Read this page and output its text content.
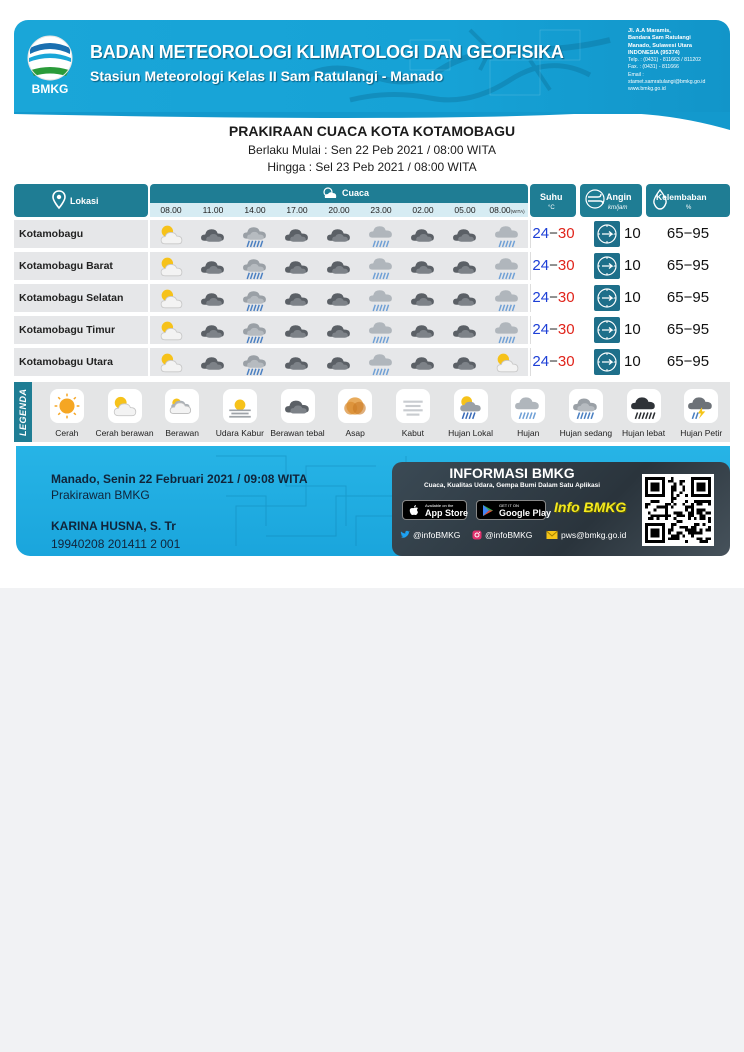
BMKG
BADAN METEOROLOGI KLIMATOLOGI DAN GEOFISIKA
Stasiun Meteorologi Kelas II Sam Ratulangi - Manado
Jl. A.A Maramis,
Bandara Sam Ratulangi
Manado, Sulawesi Utara
INDONESIA (95374)
Telp. : (0431) - 811663 / 811202
Fax. : (0431) - 811666
Email :
stamet.samratulangi@bmkg.go.id
www.bmkg.go.id
PRAKIRAAN CUACA KOTA KOTAMOBAGU
Berlaku Mulai : Sen 22 Peb 2021 / 08:00 WITA
Hingga : Sel 23 Peb 2021 / 08:00 WITA
Lokasi
Cuaca
08.00	11.00	14.00	17.00	20.00	23.00	02.00	05.00	08.00(WITA)
Suhu
°C
Angin
km/jam
Kelembaban
%
Kotamobagu	24−30	10	65−95
Kotamobagu Barat	24−30	10	65−95
Kotamobagu Selatan	24−30	10	65−95
Kotamobagu Timur	24−30	10	65−95
Kotamobagu Utara	24−30	10	65−95
LEGENDA	Cerah	Cerah berawan	Berawan	Udara Kabur Berawan tebal	Asap	Kabut	Hujan Lokal	Hujan	Hujan sedang	Hujan lebat	Hujan Petir
Manado, Senin 22 Februari 2021 / 09:08 WITA
Prakirawan BMKG
KARINA HUSNA, S. Tr
19940208 201411 2 001
INFORMASI BMKG
Cuaca, Kualitas Udara, Gempa Bumi Dalam Satu Aplikasi
Available on the
App Store
GET IT ON
Google Play Info BMKG
@infoBMKG	@infoBMKG	pws@bmkg.go.id
